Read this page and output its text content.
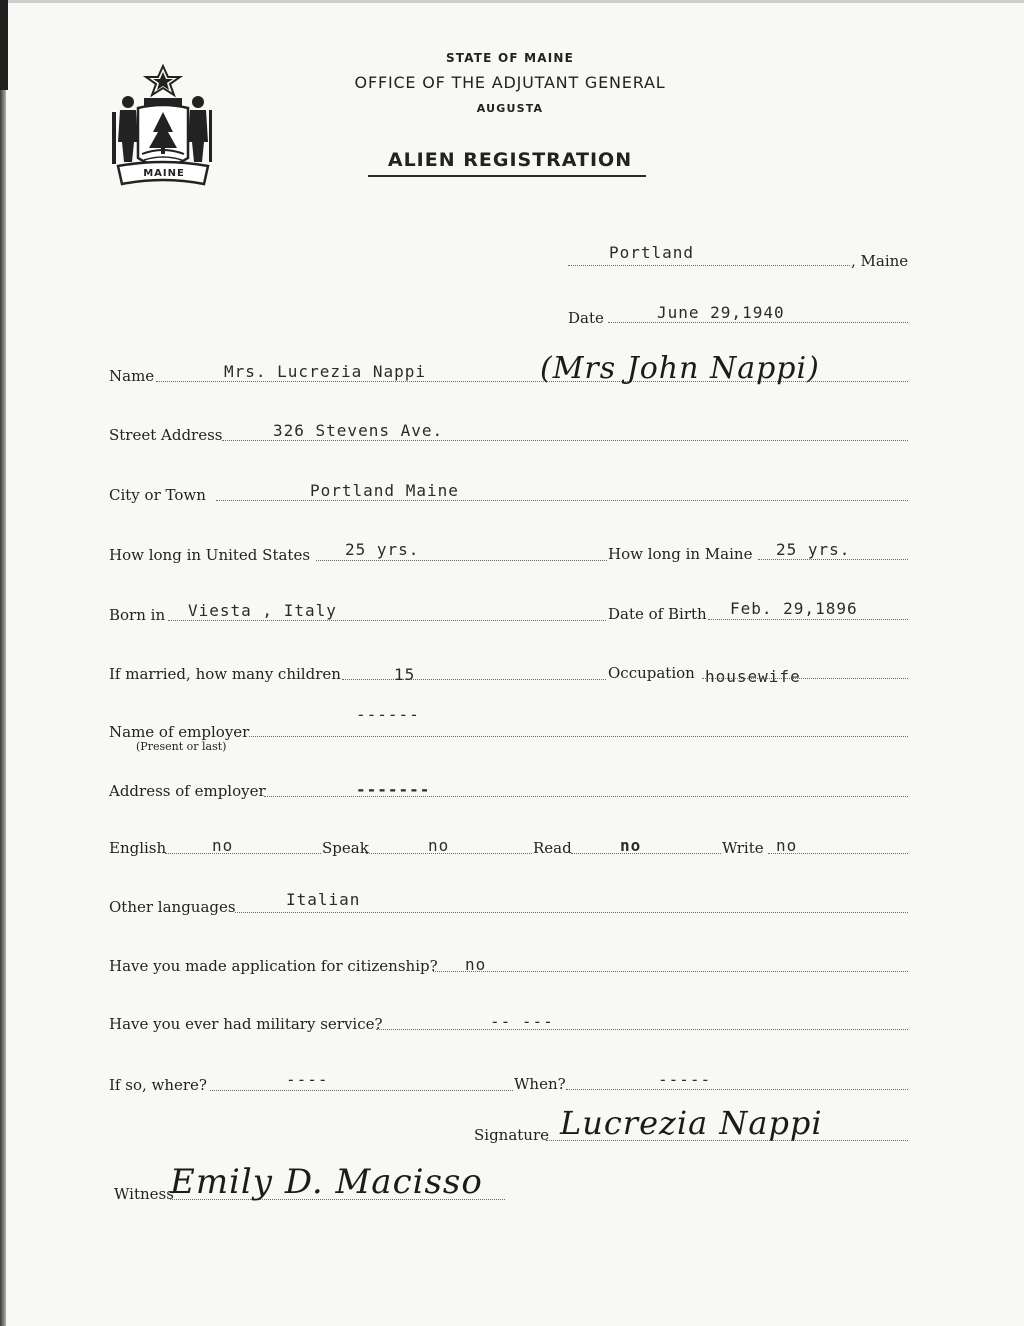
MAINE
STATE OF MAINE
OFFICE OF THE ADJUTANT GENERAL
AUGUSTA
ALIEN REGISTRATION
Portland	, Maine
Date	June 29,1940
Name	Mrs. Lucrezia Nappi	(Mrs John Nappi)
Street Address	326 Stevens Ave.
City or Town	Portland Maine
How long in United States 25 yrs.	How long in Maine 25 yrs.
Born in Viesta , Italy	Date of Birth Feb. 29,1896
If married, how many children	15	Occupation housewife
Name of employer
(Present or last)
------
Address of employer	-------
English	no	Speak	no	Read	no	Write no
Other languages	Italian
Have you made application for citizenship? no
Have you ever had military service?	-- ---
If so, where?	----	When?	-----
Signature Lucrezia Nappi
Witness
Emily D. Macisso
